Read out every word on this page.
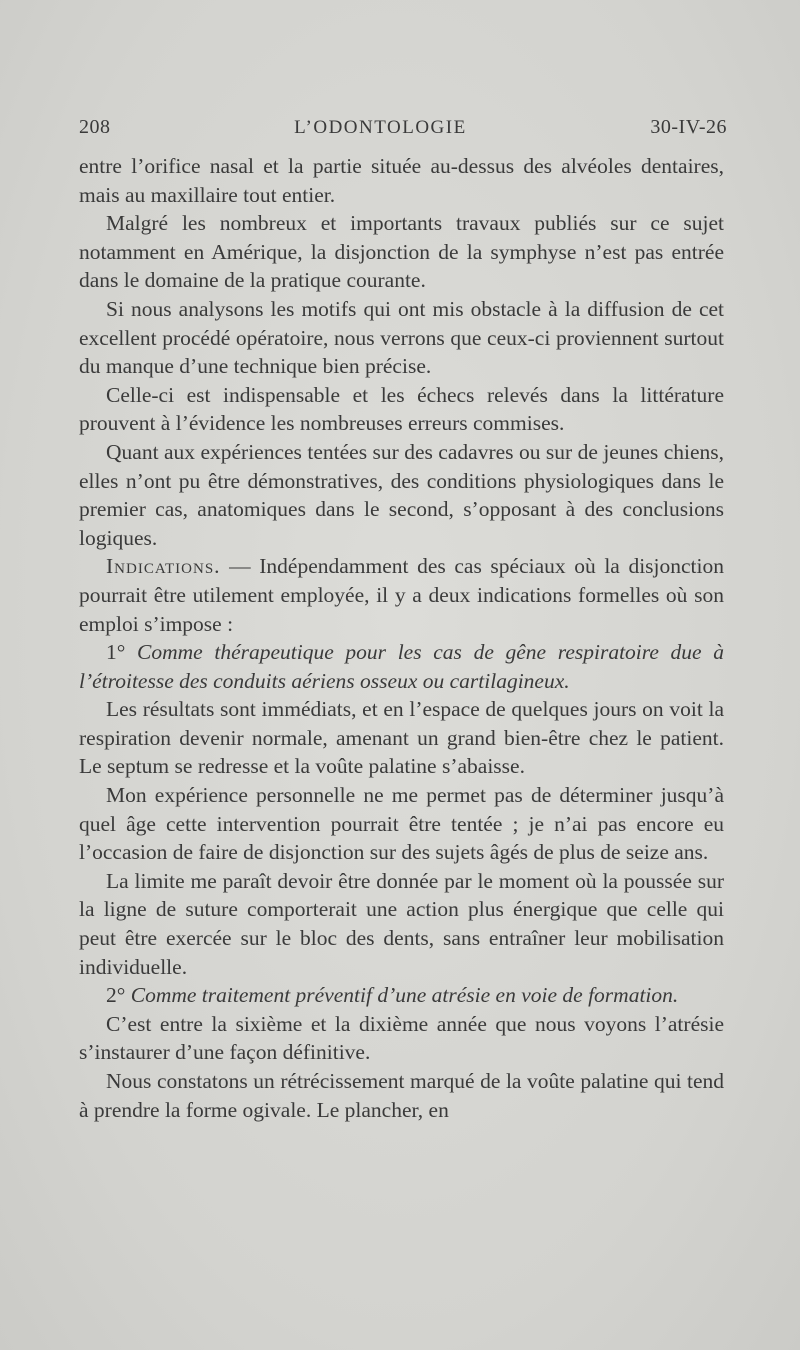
208	L’ODONTOLOGIE	30-IV-26

entre l’orifice nasal et la partie située au-dessus des alvéoles dentaires, mais au maxillaire tout entier.

Malgré les nombreux et importants travaux publiés sur ce sujet notamment en Amérique, la disjonction de la symphyse n’est pas entrée dans le domaine de la pratique courante.

Si nous analysons les motifs qui ont mis obstacle à la diffusion de cet excellent procédé opératoire, nous verrons que ceux-ci proviennent surtout du manque d’une technique bien précise.

Celle-ci est indispensable et les échecs relevés dans la littérature prouvent à l’évidence les nombreuses erreurs commises.

Quant aux expériences tentées sur des cadavres ou sur de jeunes chiens, elles n’ont pu être démonstratives, des conditions physiologiques dans le premier cas, anatomiques dans le second, s’opposant à des conclusions logiques.

Indications. — Indépendamment des cas spéciaux où la disjonction pourrait être utilement employée, il y a deux indications formelles où son emploi s’impose :

1° Comme thérapeutique pour les cas de gêne respiratoire due à l’étroitesse des conduits aériens osseux ou cartilagineux.

Les résultats sont immédiats, et en l’espace de quelques jours on voit la respiration devenir normale, amenant un grand bien-être chez le patient. Le septum se redresse et la voûte palatine s’abaisse.

Mon expérience personnelle ne me permet pas de déterminer jusqu’à quel âge cette intervention pourrait être tentée ; je n’ai pas encore eu l’occasion de faire de disjonction sur des sujets âgés de plus de seize ans.

La limite me paraît devoir être donnée par le moment où la poussée sur la ligne de suture comporterait une action plus énergique que celle qui peut être exercée sur le bloc des dents, sans entraîner leur mobilisation individuelle.

2° Comme traitement préventif d’une atrésie en voie de formation.

C’est entre la sixième et la dixième année que nous voyons l’atrésie s’instaurer d’une façon définitive.

Nous constatons un rétrécissement marqué de la voûte palatine qui tend à prendre la forme ogivale. Le plancher, en
